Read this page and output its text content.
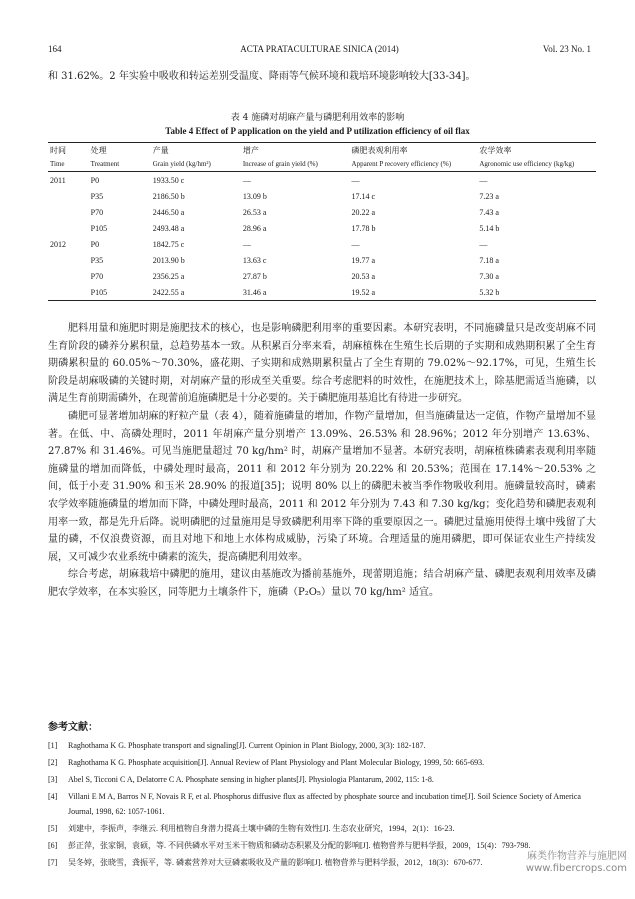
164	ACTA PRATACULTURAE SINICA (2014)	Vol. 23 No. 1
和 31.62%。2 年实验中吸收和转运差别受温度、降雨等气候环境和栽培环境影响较大[33-34]。
表 4 施磷对胡麻产量与磷肥利用效率的影响
Table 4 Effect of P application on the yield and P utilization efficiency of oil flax
时间	处理	产量	增产	磷肥表观利用率	农学效率
Time	Treatment	Grain yield (kg/hm²)	Increase of grain yield (%)	Apparent P recovery efficiency (%)	Agronomic use efficiency (kg/kg)
2011	P0	1933.50 c	—	—	—
	P35	2186.50 b	13.09 b	17.14 c	7.23 a
	P70	2446.50 a	26.53 a	20.22 a	7.43 a
	P105	2493.48 a	28.96 a	17.78 b	5.14 b
2012	P0	1842.75 c	—	—	—
	P35	2013.90 b	13.63 c	19.77 a	7.18 a
	P70	2356.25 a	27.87 b	20.53 a	7.30 a
	P105	2422.55 a	31.46 a	19.52 a	5.32 b

肥料用量和施肥时期是施肥技术的核心，也是影响磷肥利用率的重要因素。本研究表明，不同施磷量只是改变胡麻不同生育阶段的磷养分累积量，总趋势基本一致。从积累百分率来看，胡麻植株在生殖生长后期的子实期和成熟期积累了全生育期磷累积量的 60.05%～70.30%，盛花期、子实期和成熟期累积量占了全生育期的 79.02%～92.17%，可见，生殖生长阶段是胡麻吸磷的关键时期，对胡麻产量的形成至关重要。综合考虑肥料的时效性，在施肥技术上，除基肥需适当施磷，以满足生育前期需磷外，在现蕾前追施磷肥是十分必要的。关于磷肥施用基追比有待进一步研究。

磷肥可显著增加胡麻的籽粒产量（表 4），随着施磷量的增加，作物产量增加，但当施磷量达一定值，作物产量增加不显著。在低、中、高磷处理时，2011 年胡麻产量分别增产 13.09%、26.53% 和 28.96%；2012 年分别增产 13.63%、27.87% 和 31.46%。可见当施肥量超过 70 kg/hm² 时，胡麻产量增加不显著。本研究表明，胡麻植株磷素表观利用率随施磷量的增加而降低，中磷处理时最高，2011 和 2012 年分别为 20.22% 和 20.53%；范围在 17.14%～20.53% 之间，低于小麦 31.90% 和玉米 28.90% 的报道[35]；说明 80% 以上的磷肥未被当季作物吸收利用。施磷量较高时，磷素农学效率随施磷量的增加而下降，中磷处理时最高，2011 和 2012 年分别为 7.43 和 7.30 kg/kg；变化趋势和磷肥表观利用率一致，都是先升后降。说明磷肥的过量施用是导致磷肥利用率下降的重要原因之一。磷肥过量施用使得土壤中残留了大量的磷，不仅浪费资源，而且对地下和地上水体构成威胁，污染了环境。合理适量的施用磷肥，即可保证农业生产持续发展，又可减少农业系统中磷素的流失，提高磷肥利用效率。

综合考虑，胡麻栽培中磷肥的施用，建议由基施改为播前基施外，现蕾期追施；结合胡麻产量、磷肥表观利用效率及磷肥农学效率，在本实验区，同等肥力土壤条件下，施磷（P₂O₅）量以 70 kg/hm² 适宜。

参考文献：
[1]	Raghothama K G. Phosphate transport and signaling[J]. Current Opinion in Plant Biology, 2000, 3(3): 182-187.
[2]	Raghothama K G. Phosphate acquisition[J]. Annual Review of Plant Physiology and Plant Molecular Biology, 1999, 50: 665-693.
[3]	Abel S, Ticconi C A, Delatorre C A. Phosphate sensing in higher plants[J]. Physiologia Plantarum, 2002, 115: 1-8.
[4]	Villani E M A, Barros N F, Novais R F, et al. Phosphorus diffusive flux as affected by phosphate source and incubation time[J]. Soil Science Society of America Journal, 1998, 62: 1057-1061.
[5]	刘建中，李振声，李继云. 利用植物自身潜力提高土壤中磷的生物有效性[J]. 生态农业研究，1994，2(1)：16-23.
[6]	彭正萍，张家铜，袁硕，等. 不同供磷水平对玉米干物质和磷动态积累及分配的影响[J]. 植物营养与肥料学报，2009，15(4)：793-798.
[7]	吴冬婷，张晓雪，龚振平，等. 磷素营养对大豆磷素吸收及产量的影响[J]. 植物营养与肥料学报，2012，18(3)：670-677.
麻类作物营养与施肥网
www.fibercrops.com
